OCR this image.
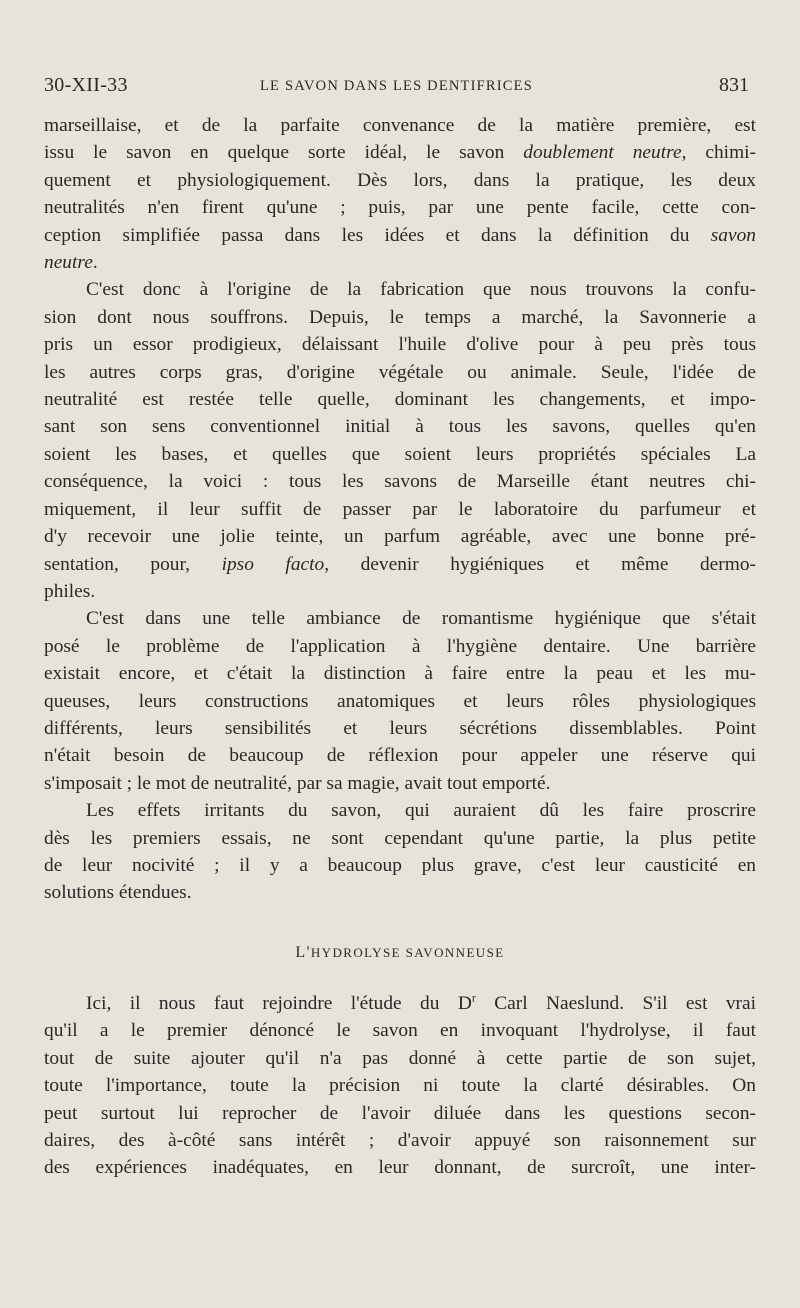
30-XII-33	LE SAVON DANS LES DENTIFRICES	831
marseillaise, et de la parfaite convenance de la matière première, est
issu le savon en quelque sorte idéal, le savon doublement neutre, chimi-
quement et physiologiquement. Dès lors, dans la pratique, les deux
neutralités n'en firent qu'une ; puis, par une pente facile, cette con-
ception simplifiée passa dans les idées et dans la définition du savon
neutre.
C'est donc à l'origine de la fabrication que nous trouvons la confu-
sion dont nous souffrons. Depuis, le temps a marché, la Savonnerie a
pris un essor prodigieux, délaissant l'huile d'olive pour à peu près tous
les autres corps gras, d'origine végétale ou animale. Seule, l'idée de
neutralité est restée telle quelle, dominant les changements, et impo-
sant son sens conventionnel initial à tous les savons, quelles qu'en
soient les bases, et quelles que soient leurs propriétés spéciales La
conséquence, la voici : tous les savons de Marseille étant neutres chi-
miquement, il leur suffit de passer par le laboratoire du parfumeur et
d'y recevoir une jolie teinte, un parfum agréable, avec une bonne pré-
sentation, pour, ipso facto, devenir hygiéniques et même dermo-
philes.
C'est dans une telle ambiance de romantisme hygiénique que s'était
posé le problème de l'application à l'hygiène dentaire. Une barrière
existait encore, et c'était la distinction à faire entre la peau et les mu-
queuses, leurs constructions anatomiques et leurs rôles physiologiques
différents, leurs sensibilités et leurs sécrétions dissemblables. Point
n'était besoin de beaucoup de réflexion pour appeler une réserve qui
s'imposait ; le mot de neutralité, par sa magie, avait tout emporté.
Les effets irritants du savon, qui auraient dû les faire proscrire
dès les premiers essais, ne sont cependant qu'une partie, la plus petite
de leur nocivité ; il y a beaucoup plus grave, c'est leur causticité en
solutions étendues.
L'HYDROLYSE SAVONNEUSE
Ici, il nous faut rejoindre l'étude du $D^r$ Carl Naeslund. S'il est vrai
qu'il a le premier dénoncé le savon en invoquant l'hydrolyse, il faut
tout de suite ajouter qu'il n'a pas donné à cette partie de son sujet,
toute l'importance, toute la précision ni toute la clarté désirables. On
peut surtout lui reprocher de l'avoir diluée dans les questions secon-
daires, des à-côté sans intérêt ; d'avoir appuyé son raisonnement sur
des expériences inadéquates, en leur donnant, de surcroît, une inter-
